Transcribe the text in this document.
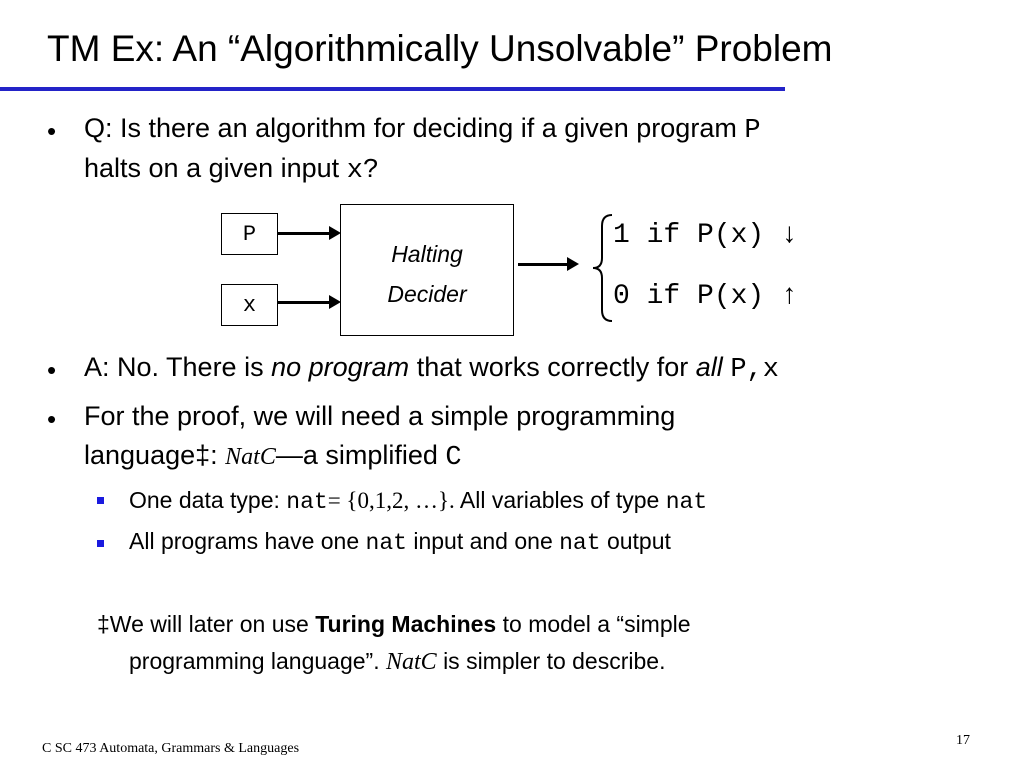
TM Ex: An “Algorithmically Unsolvable” Problem
• Q: Is there an algorithm for deciding if a given program P
halts on a given input x?
P
x
Halting
Decider
1 if P(x) ↓
0 if P(x) ↑
• A: No. There is no program that works correctly for all P,x
• For the proof, we will need a simple programming
language‡: NatC—a simplified C
One data type: nat= {0,1,2, …}. All variables of type nat
All programs have one nat input and one nat output
‡We will later on use Turing Machines to model a “simple
programming language”. NatC is simpler to describe.
C SC 473 Automata, Grammars & Languages
17
